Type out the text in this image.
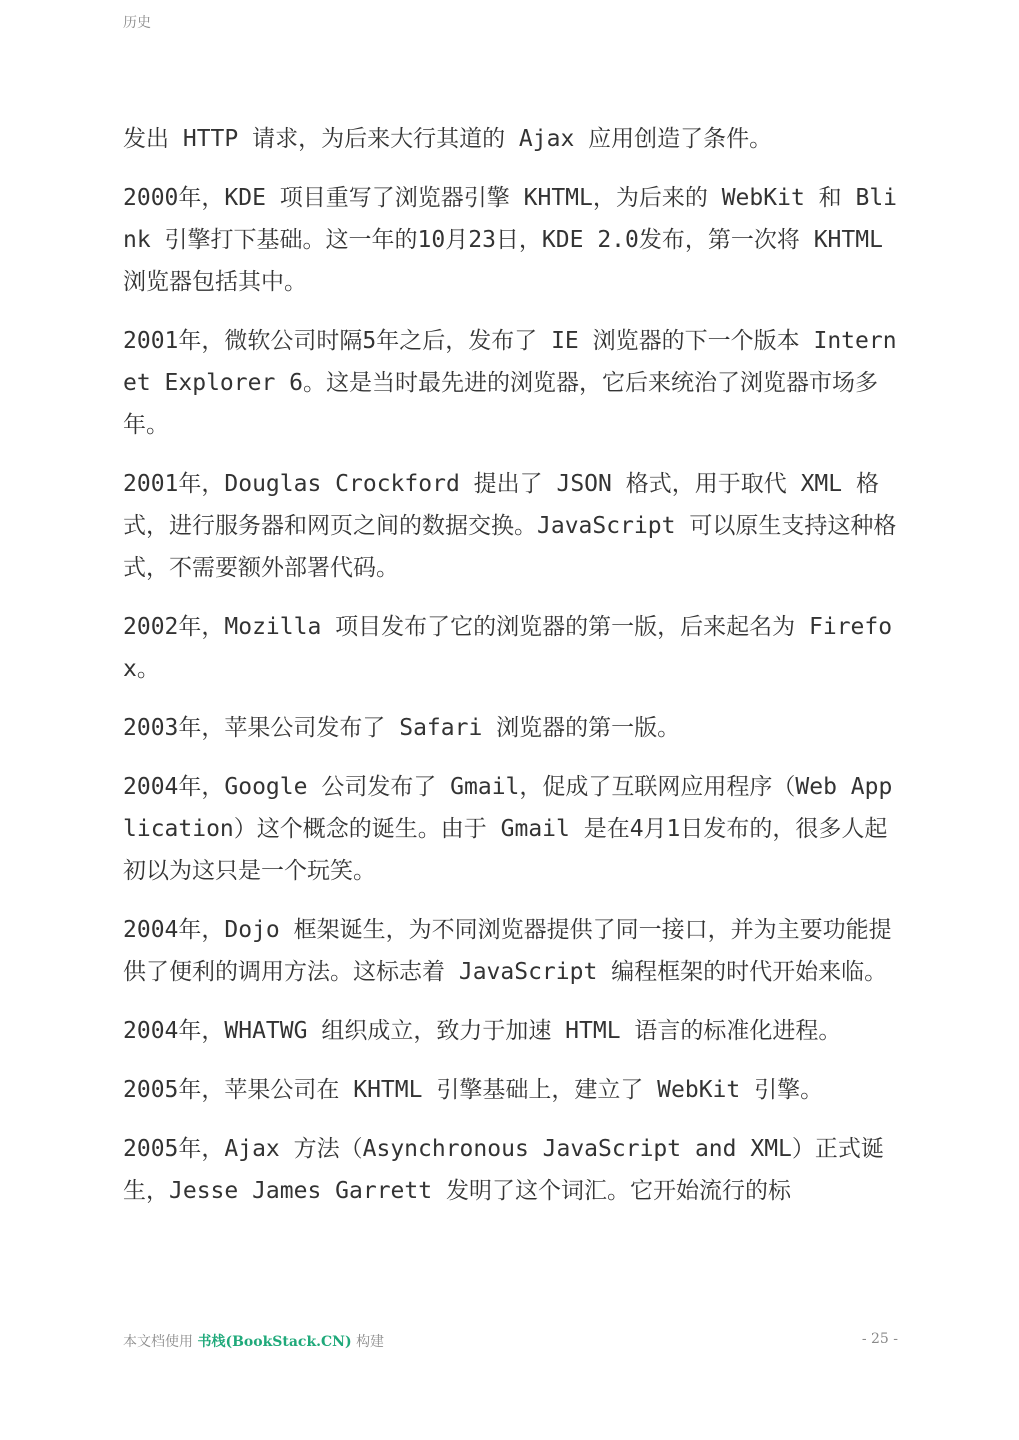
历史

发出 HTTP 请求，为后来大行其道的 Ajax 应用创造了条件。

2000年，KDE 项目重写了浏览器引擎 KHTML，为后来的 WebKit 和 Blink 引擎打下基础。这一年的10月23日，KDE 2.0发布，第一次将 KHTML 浏览器包括其中。

2001年，微软公司时隔5年之后，发布了 IE 浏览器的下一个版本 Internet Explorer 6。这是当时最先进的浏览器，它后来统治了浏览器市场多年。

2001年，Douglas Crockford 提出了 JSON 格式，用于取代 XML 格式，进行服务器和网页之间的数据交换。JavaScript 可以原生支持这种格式，不需要额外部署代码。

2002年，Mozilla 项目发布了它的浏览器的第一版，后来起名为 Firefox。

2003年，苹果公司发布了 Safari 浏览器的第一版。

2004年，Google 公司发布了 Gmail，促成了互联网应用程序（Web Application）这个概念的诞生。由于 Gmail 是在4月1日发布的，很多人起初以为这只是一个玩笑。

2004年，Dojo 框架诞生，为不同浏览器提供了同一接口，并为主要功能提供了便利的调用方法。这标志着 JavaScript 编程框架的时代开始来临。

2004年，WHATWG 组织成立，致力于加速 HTML 语言的标准化进程。

2005年，苹果公司在 KHTML 引擎基础上，建立了 WebKit 引擎。

2005年，Ajax 方法（Asynchronous JavaScript and XML）正式诞生，Jesse James Garrett 发明了这个词汇。它开始流行的标

本文档使用 书栈(BookStack.CN) 构建	- 25 -
